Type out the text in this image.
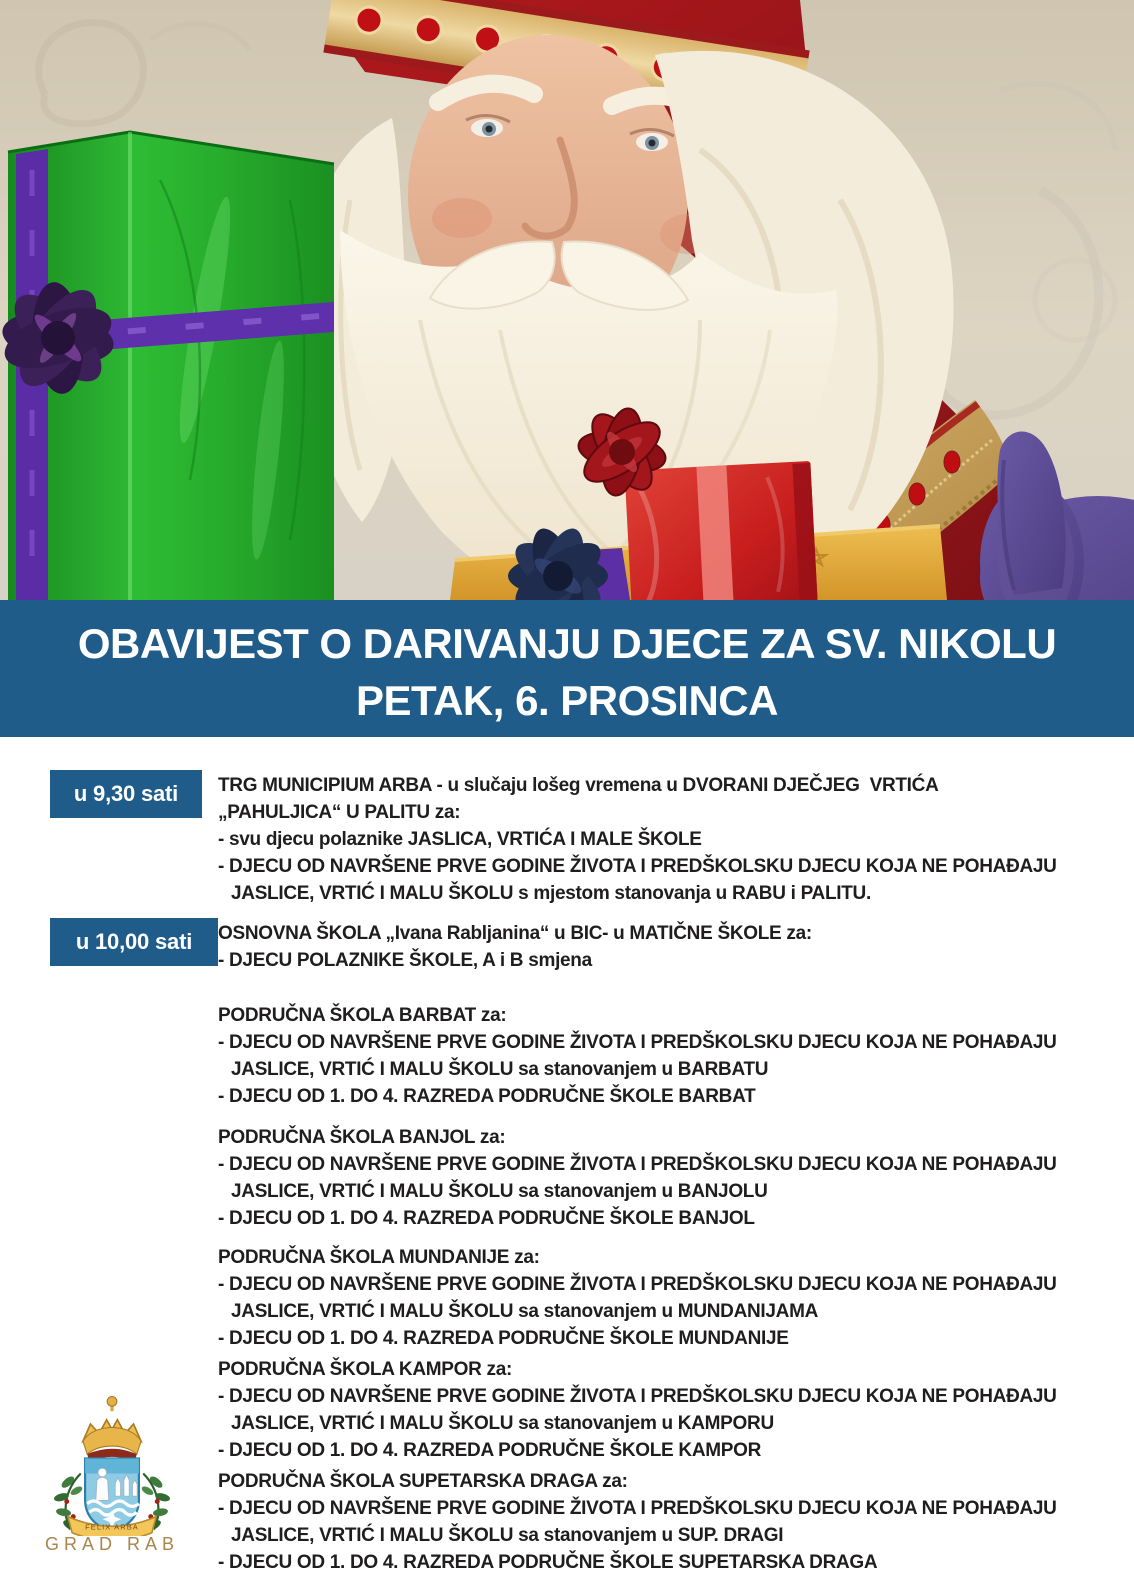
OBAVIJEST O DARIVANJU DJECE ZA SV. NIKOLU
PETAK, 6. PROSINCA
u 9,30 sati
u 10,00 sati
TRG MUNICIPIUM ARBA - u slučaju lošeg vremena u DVORANI DJEČJEG  VRTIĆA
„PAHULJICA“ U PALITU za:
- svu djecu polaznike JASLICA, VRTIĆA I MALE ŠKOLE
- DJECU OD NAVRŠENE PRVE GODINE ŽIVOTA I PREDŠKOLSKU DJECU KOJA NE POHAĐAJU
JASLICE, VRTIĆ I MALU ŠKOLU s mjestom stanovanja u RABU i PALITU.
OSNOVNA ŠKOLA „Ivana Rabljanina“ u BIC- u MATIČNE ŠKOLE za:
- DJECU POLAZNIKE ŠKOLE, A i B smjena
PODRUČNA ŠKOLA BARBAT za:
- DJECU OD NAVRŠENE PRVE GODINE ŽIVOTA I PREDŠKOLSKU DJECU KOJA NE POHAĐAJU
JASLICE, VRTIĆ I MALU ŠKOLU sa stanovanjem u BARBATU
- DJECU OD 1. DO 4. RAZREDA PODRUČNE ŠKOLE BARBAT
PODRUČNA ŠKOLA BANJOL za:
- DJECU OD NAVRŠENE PRVE GODINE ŽIVOTA I PREDŠKOLSKU DJECU KOJA NE POHAĐAJU
JASLICE, VRTIĆ I MALU ŠKOLU sa stanovanjem u BANJOLU
- DJECU OD 1. DO 4. RAZREDA PODRUČNE ŠKOLE BANJOL
PODRUČNA ŠKOLA MUNDANIJE za:
- DJECU OD NAVRŠENE PRVE GODINE ŽIVOTA I PREDŠKOLSKU DJECU KOJA NE POHAĐAJU
JASLICE, VRTIĆ I MALU ŠKOLU sa stanovanjem u MUNDANIJAMA
- DJECU OD 1. DO 4. RAZREDA PODRUČNE ŠKOLE MUNDANIJE
PODRUČNA ŠKOLA KAMPOR za:
- DJECU OD NAVRŠENE PRVE GODINE ŽIVOTA I PREDŠKOLSKU DJECU KOJA NE POHAĐAJU
JASLICE, VRTIĆ I MALU ŠKOLU sa stanovanjem u KAMPORU
- DJECU OD 1. DO 4. RAZREDA PODRUČNE ŠKOLE KAMPOR
PODRUČNA ŠKOLA SUPETARSKA DRAGA za:
- DJECU OD NAVRŠENE PRVE GODINE ŽIVOTA I PREDŠKOLSKU DJECU KOJA NE POHAĐAJU
JASLICE, VRTIĆ I MALU ŠKOLU sa stanovanjem u SUP. DRAGI
- DJECU OD 1. DO 4. RAZREDA PODRUČNE ŠKOLE SUPETARSKA DRAGA
FELIX ARBA
GRAD RAB
